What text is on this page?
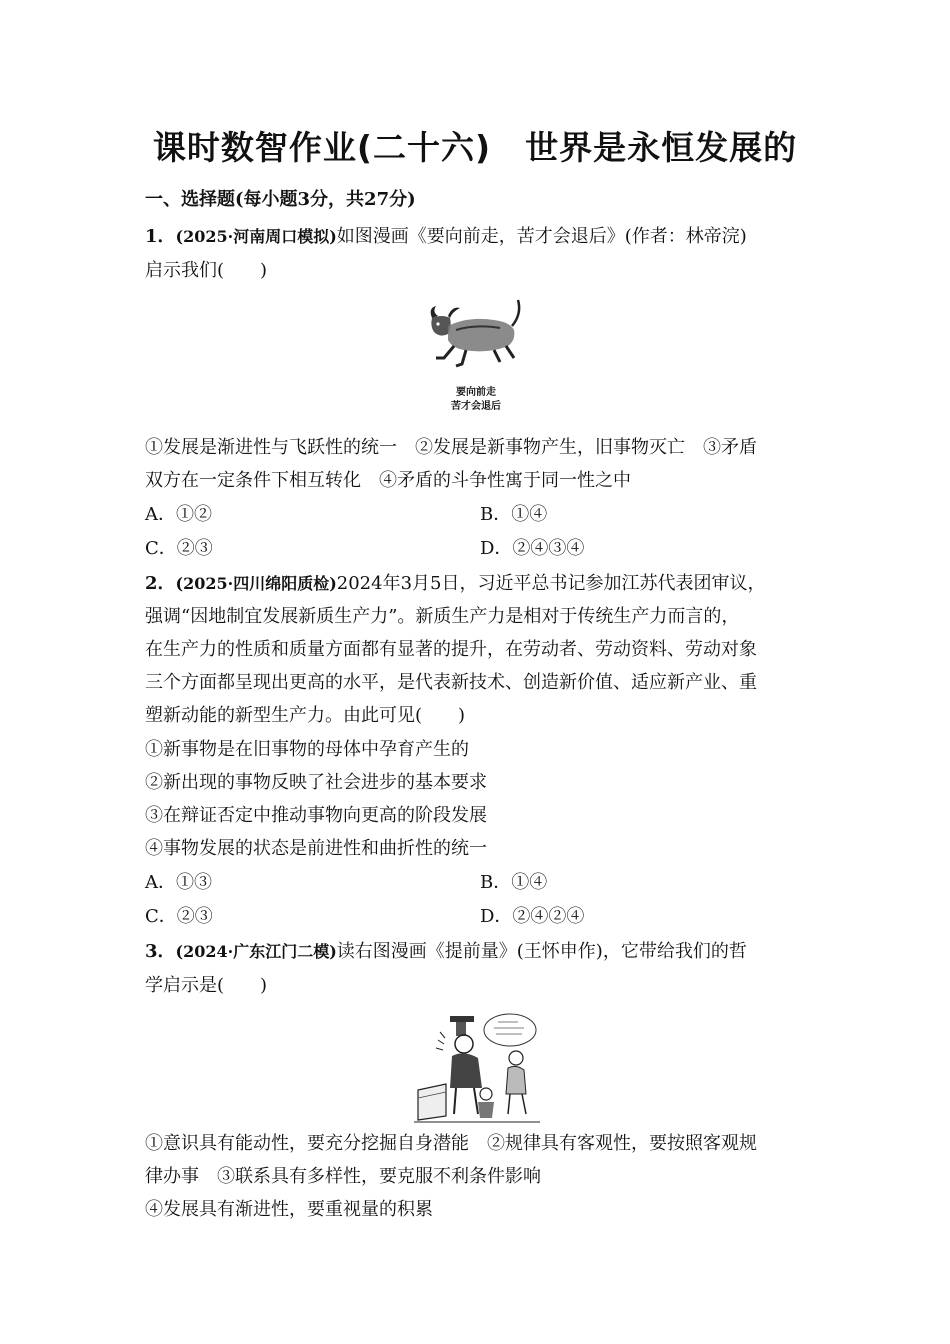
课时数智作业(二十六)　世界是永恒发展的
一、选择题(每小题3分，共27分)
1．(2025·河南周口模拟)如图漫画《要向前走，苦才会退后》(作者：林帝浣)
启示我们(　　)
要向前走
苦才会退后
①发展是渐进性与飞跃性的统一　②发展是新事物产生，旧事物灭亡　③矛盾
双方在一定条件下相互转化　④矛盾的斗争性寓于同一性之中
A．①②	B．①④
C．②③	D．②④③④
2．(2025·四川绵阳质检)2024年3月5日，习近平总书记参加江苏代表团审议，
强调“因地制宜发展新质生产力”。新质生产力是相对于传统生产力而言的，
在生产力的性质和质量方面都有显著的提升，在劳动者、劳动资料、劳动对象
三个方面都呈现出更高的水平，是代表新技术、创造新价值、适应新产业、重
塑新动能的新型生产力。由此可见(　　)
①新事物是在旧事物的母体中孕育产生的
②新出现的事物反映了社会进步的基本要求
③在辩证否定中推动事物向更高的阶段发展
④事物发展的状态是前进性和曲折性的统一
A．①③	B．①④
C．②③	D．②④②④
3．(2024·广东江门二模)读右图漫画《提前量》(王怀申作)，它带给我们的哲
学启示是(　　)
①意识具有能动性，要充分挖掘自身潜能　②规律具有客观性，要按照客观规
律办事　③联系具有多样性，要克服不利条件影响
④发展具有渐进性，要重视量的积累
